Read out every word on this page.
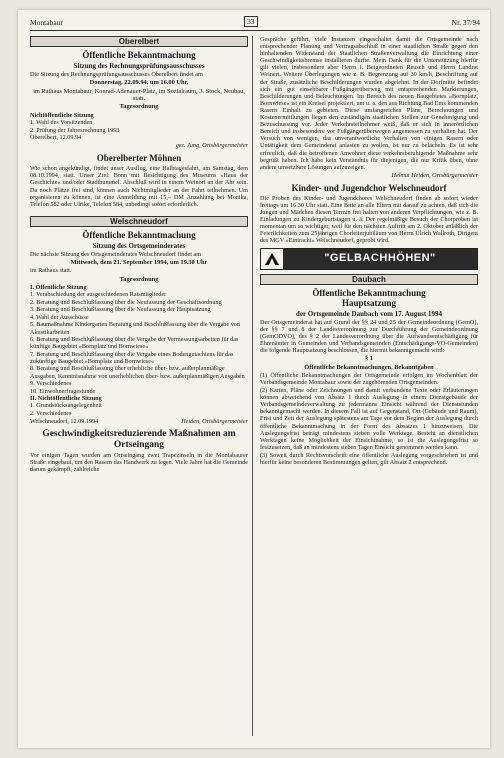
Montabaur	33	Nr. 37/94
Oberelbert
Öffentliche Bekanntmachung
Sitzung des Rechnungsprüfungsausschusses

Die Sitzung des Rechnungsprüfungsausschusses Oberelbert findet am

Donnerstag, 22.09.94, um 16.00 Uhr,
im Rathaus Montabaur, Konrad-Adenauer-Platz, im Sozialraum, 3. Stock, Neubau, statt.
Tagesordnung
Nichtöffentliche Sitzung
1. Wahl des Vorsitzenden
2. Prüfung der Jahresrechnung 1993
Oberelbert, 12.09.94
gez. Jung, Ortsbürgermeister
Oberelberter Möhnen

Wie schon angekündigt, findet unser Ausflug, eine Halbtagesfahrt, am Samstag, dem 08.10.1994, statt. Unser Ziel: Bonn mit Besichtigung des Museums »Haus der Geschichte« und/oder Stadtbummel. Abschluß wird in einem Weinort an der Ahr sein. Da noch Plätze frei sind, können auch Nichtmitglieder an der Fahrt teilnehmen. Um organisieren zu können, ist eine Anmeldung mit 15,– DM Anzahlung bei Monika, Telefon 582 oder Ulrike, Telefon 584, unbedingt sofort erforderlich.

Welschneudorf
Öffentliche Bekanntmachung
Sitzung des Ortsgemeinderates

Die nächste Sitzung des Ortsgemeinderates Welschneudorf findet am

Mittwoch, dem 21. September 1994, um 19.30 Uhr
im Rathaus statt.
Tagesordnung
I. Öffentliche Sitzung
1. Verabschiedung der ausgeschiedenen Ratsmitglieder
2. Beratung und Beschlußfassung über die Neufassung der Geschäftsordnung
3. Beratung und Beschlußfassung über die Neufassung der Hauptsatzung
4. Wahl der Ausschüsse
5. Baumaßnahme Kindergarten Beratung und Beschlußfassung über die Vergabe von Akustikarbeiten
6. Beratung und Beschlußfassung über die Vergabe der Vermessungsarbeiten für das künftige Baugebiet »Bornplatz und Bornwiese«
7. Beratung und Beschlußfassung über die Vergabe eines Bodengutachtens für das zukünftige Baugebiet »Bornplatz und Bornwiese«
8. Beratung und Beschlußfassung über erhebliche über- bzw. außerplanmäßige Ausgaben, Kenntnisnahme von unerheblichen über- bzw. außerplanmäßigen Ausgaben
9. Verschiedenes
10. Einwohnerfragestunde
II. Nichtöffentliche Sitzung
1. Grundstücksangelegenheit
2. Verschiedenes
Welschneudorf, 12.09.1994	Heiden, Ortsbürgermeister
Geschwindigkeitsreduzierende Maßnahmen am Ortseingang

Vor einigen Tagen wurden am Ortseingang zwei Trapezinseln in die Montabaurer Straße eingebaut, um den Rasern das Handwerk zu legen. Viele Jahre hat die Gemeinde darum gekämpft, zahlreiche

Gespräche geführt, viele Instanzen eingeschaltet damit die Ortsgemeinde nach entsprechender Planung und Vertragsabschluß in einer staatlichen Straße gegen den hinhaltenden Widerstand der Staatlichen Straßenverwaltung die Einrichtung einer Geschwindigkeitsbremse installieren durfte. Mein Dank für die Unterstützung hierfür gilt vielen, insbesondere aber Herrn I. Beigeordneten Reusch und Herrn Landrat Weinert. Weitere Überlegungen wie z. B. Begrenzung auf 30 km/h, Beschriftung auf der Straße, zusätzliche Beschilderungen wurden abgelehnt. In der Dorfmitte befindet sich ein gut einsehbarer Fußgängerüberweg mit entsprechenden Markierungen, Beschilderungen und Beleuchtungen. Im Bereich des neuen Baugebietes »Bornplatz, Bornwiese« ist ein Kreisel projektiert, um u. a. den aus Richtung Bad Ems kommenden Rasern Einhalt zu gebieten. Diese umfangreichen Pläne, Berechnungen und Kostenermittlungen liegen den zuständigen staatlichen Stellen zur Genehmigung und Bezuschussung vor. Jeder Verkehrsteilnehmer weiß, daß er sich in innerörtlichen Bereich und insbesondere vor Fußgängerüberwegen angemessen zu verhalten hat. Der Versuch von wenigen, das unverantwortliche Verhalten von einigen Rasern oder Untätigkeit dem Gemeinderat anlasten zu wollen, ist nur zu belächeln. Es ist sehr erfreulich, daß die betroffenen Anwohner diese verkehrsberuhigende Maßnahme sehr begrüßt haben. Ich habe kein Verständnis für diejenigen, die nur Kritik üben, ohne andere umsetzbare Lösungen aufzuzeigen.

Helmut Heiden, Ortsbürgermeister
Kinder- und Jugendchor Welschneudorf

Die Proben des Kinder- und Jugendchores Welschneudorf finden ab sofort wieder freitags um 16.30 Uhr statt. Eine Bitte an alle Eltern mit darauf zu achten, daß sich die Jungen und Mädchen diesen Termin frei halten von anderen Verpflichtungen, wie z. B. Einladungen zu Kindergeburtstagen u. ä. Der regelmäßige Besuch der Chorproben ist momentan um so wichtiger, weil für den nächsten Auftritt am 2. Oktober anläßlich der Feierlichkeiten zum 25jährigen Chorleiterjubiläum von Herrn Ulrich Wallroth, Dirigent des MGV »Eintracht« Welschneudorf, geprobt wird.

"GELBACHHÖHEN"
Daubach
Öffentliche Bekanntmachung
Hauptsatzung
der Ortsgemeinde Daubach vom 17. August 1994

Der Ortsgemeinderat hat auf Grund der §§ 24 und 25 der Gemeindeordnung (GemO), der §§ 7 und 8 der Landesverordnung zur Durchführung der Gemeindeordnung (GemODVO), des § 2 der Landesverordnung über die Aufwandsentschädigung für Ehrenämter in Gemeinden und Verbandsgemeinden (Entschädigungs-VO-Gemeinden) die folgende Hauptsatzung beschlossen, die hiermit bekanntgemacht wird:

§ 1
Öffentliche Bekanntmachungen, Bekanntgaben

(1) Öffentliche Bekanntmachungen der Ortsgemeinde erfolgen im Wochenblatt der Verbandsgemeinde Montabaur sowie der zugehörenden Ortsgemeinden.

(2) Karten, Pläne oder Zeichnungen und damit verbundene Texte oder Erläuterungen können abweichend von Absatz 1 durch Auslegung in einem Dienstgebäude der Verbandsgemeindeverwaltung zu jedermanns Einsicht während der Dienststunden bekanntgemacht werden. In diesem Fall ist auf Gegenstand, Ort (Gebäude und Raum), Frist und Zeit der Auslegung spätestens am Tage vor dem Beginn der Auslegung durch öffentliche Bekanntmachung in der Form des Absatzes 1 hinzuweisen. Die Auslegungsfrist beträgt mindestens sieben volle Werktage. Besteht an dienstlichen Werktagen keine Möglichkeit der Einsichtnahme, so ist die Auslegungsfrist so festzusetzen, daß an mindestens sieben Tagen Einsicht genommen werden kann.

(3) Soweit durch Rechtsvorschrift eine öffentliche Auslegung vorgeschrieben ist und hierfür keine besonderen Bestimmungen gelten, gilt Absatz 2 entsprechend.
